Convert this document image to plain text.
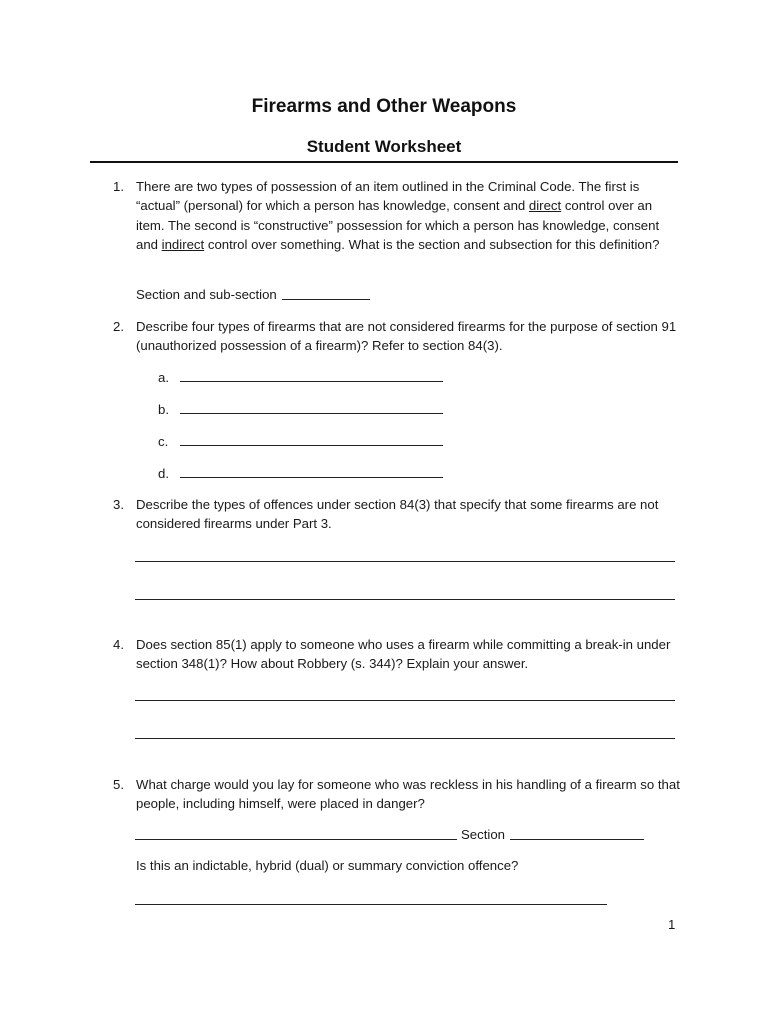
Firearms and Other Weapons
Student Worksheet
1. There are two types of possession of an item outlined in the Criminal Code. The first is “actual” (personal) for which a person has knowledge, consent and direct control over an item. The second is “constructive” possession for which a person has knowledge, consent and indirect control over something. What is the section and subsection for this definition?
Section and sub-section
2. Describe four types of firearms that are not considered firearms for the purpose of section 91 (unauthorized possession of a firearm)? Refer to section 84(3).
a.
b.
c.
d.
3. Describe the types of offences under section 84(3) that specify that some firearms are not considered firearms under Part 3.
4. Does section 85(1) apply to someone who uses a firearm while committing a break-in under section 348(1)? How about Robbery (s. 344)? Explain your answer.
5. What charge would you lay for someone who was reckless in his handling of a firearm so that people, including himself, were placed in danger?
Section
Is this an indictable, hybrid (dual) or summary conviction offence?
1
